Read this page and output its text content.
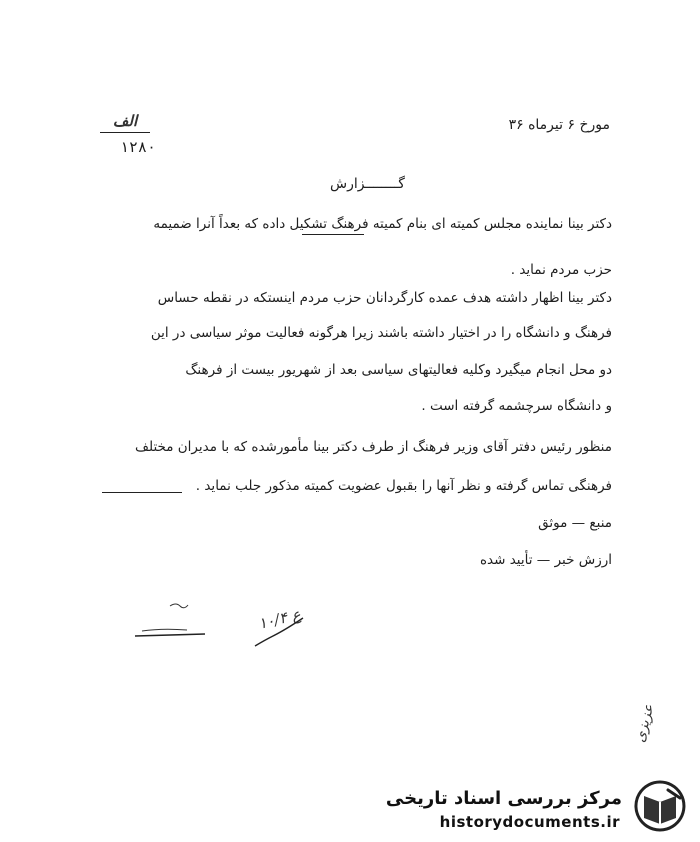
الف
۱۲۸۰
مورخ ۶ تیرماه ۳۶
گــــــــزارش
دکتر بینا نماینده مجلس کمیته ای بنام کمیته فرهنگ تشکیل داده که بعداً آنرا ضمیمه
حزب مردم نماید .
دکتر بینا اظهار داشته هدف عمده کارگردانان حزب مردم اینستکه در نقطه حساس
فرهنگ و دانشگاه را در اختیار داشته باشند زیرا هرگونه فعالیت موثر سیاسی در این
دو محل انجام میگیرد وکلیه فعالیتهای سیاسی بعد از شهریور بیست از فرهنگ
و دانشگاه سرچشمه گرفته است .
منظور رئیس دفتر آقای وزیر فرهنگ از طرف دکتر بینا مأمورشده که با مدیران مختلف
فرهنگی تماس گرفته و نظر آنها را بقبول عضویت کمیته مذکور جلب نماید .
منبع — موثق
ارزش خبر — تأیید شده
ع ۱۰/۴
عزیزی
مرکز بررسی اسناد تاریخی
historydocuments.ir
